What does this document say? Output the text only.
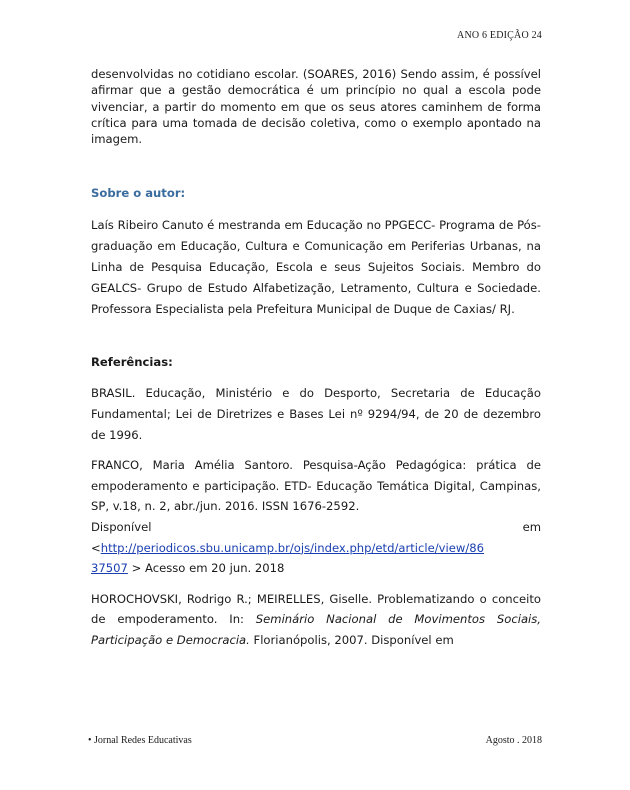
ANO 6 EDIÇÃO 24

desenvolvidas no cotidiano escolar. (SOARES, 2016) Sendo assim, é possível afirmar que a gestão democrática é um princípio no qual a escola pode vivenciar, a partir do momento em que os seus atores caminhem de forma crítica para uma tomada de decisão coletiva, como o exemplo apontado na imagem.

Sobre o autor:

Laís Ribeiro Canuto é mestranda em Educação no PPGECC- Programa de Pós-graduação em Educação, Cultura e Comunicação em Periferias Urbanas, na Linha de Pesquisa Educação, Escola e seus Sujeitos Sociais. Membro do GEALCS- Grupo de Estudo Alfabetização, Letramento, Cultura e Sociedade. Professora Especialista pela Prefeitura Municipal de Duque de Caxias/ RJ.

Referências:

BRASIL. Educação, Ministério e do Desporto, Secretaria de Educação Fundamental; Lei de Diretrizes e Bases Lei nº 9294/94, de 20 de dezembro de 1996.

FRANCO, Maria Amélia Santoro. Pesquisa-Ação Pedagógica: prática de empoderamento e participação. ETD- Educação Temática Digital, Campinas, SP, v.18, n. 2, abr./jun. 2016. ISSN 1676-2592.

Disponível	em
<http://periodicos.sbu.unicamp.br/ojs/index.php/etd/article/view/86
37507 > Acesso em 20 jun. 2018

HOROCHOVSKI, Rodrigo R.; MEIRELLES, Giselle. Problematizando o conceito de empoderamento. In: Seminário Nacional de Movimentos Sociais, Participação e Democracia. Florianópolis, 2007. Disponível em

• Jornal Redes Educativas	Agosto . 2018
